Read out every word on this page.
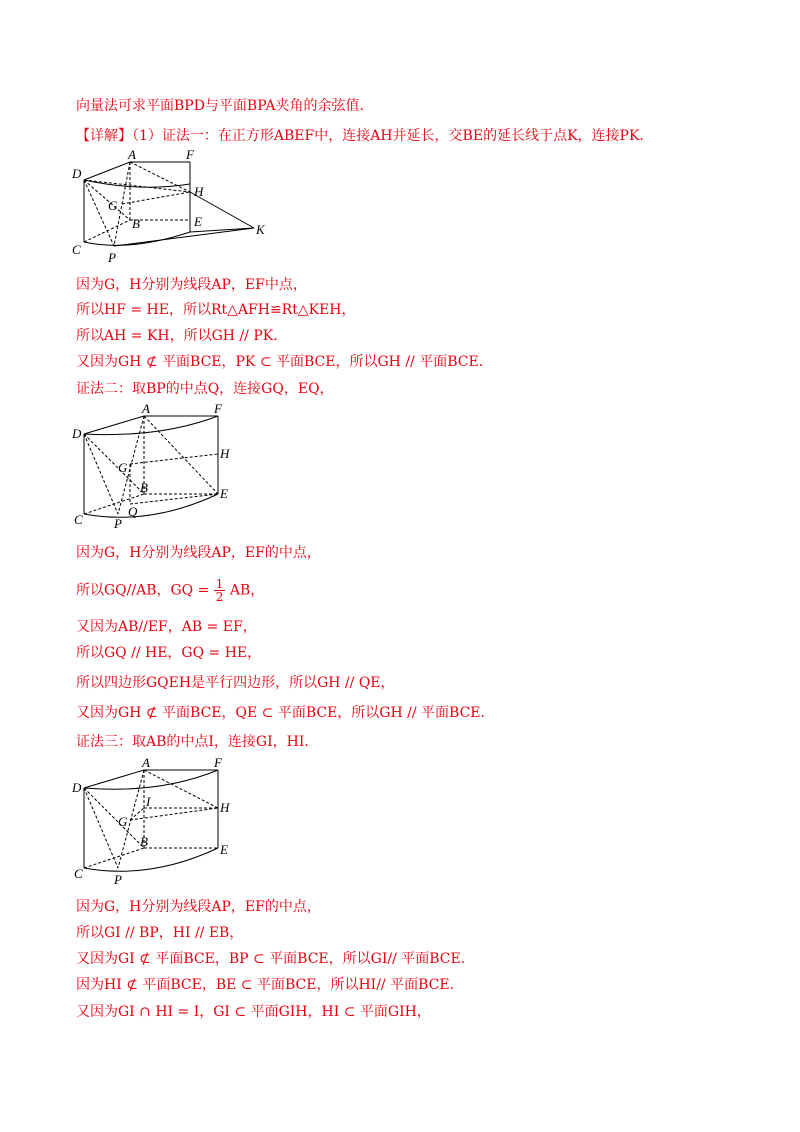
向量法可求平面BPD与平面BPA夹角的余弦值.

【详解】（1）证法一：在正方形ABEF中，连接AH并延长，交BE的延长线于点K，连接PK．

D
A	F
H
G
B	E
K
C
P

因为G，H分别为线段AP，EF中点，

所以HF = HE，所以Rt△AFH≌Rt△KEH，

所以AH = KH，所以GH // PK．

又因为GH ⊄ 平面BCE，PK ⊂ 平面BCE，所以GH // 平面BCE．

证法二：取BP的中点Q，连接GQ，EQ，

D
A	F
H
G
B	E
C P
Q

因为G，H分别为线段AP，EF的中点，

所以GQ//AB，GQ = $\frac{1}{2}$ AB，

又因为AB//EF，AB = EF，

所以GQ // HE，GQ = HE，

所以四边形GQEH是平行四边形，所以GH // QE，

又因为GH ⊄ 平面BCE，QE ⊂ 平面BCE，所以GH // 平面BCE．

证法三：取AB的中点I，连接GI，HI．

D
A	F
H
I
G
B
E
C P

因为G，H分别为线段AP，EF的中点，

所以GI // BP，HI // EB，

又因为GI ⊄ 平面BCE，BP ⊂ 平面BCE，所以GI// 平面BCE．

因为HI ⊄ 平面BCE，BE ⊂ 平面BCE，所以HI// 平面BCE．

又因为GI ∩ HI = I，GI ⊂ 平面GIH，HI ⊂ 平面GIH，
